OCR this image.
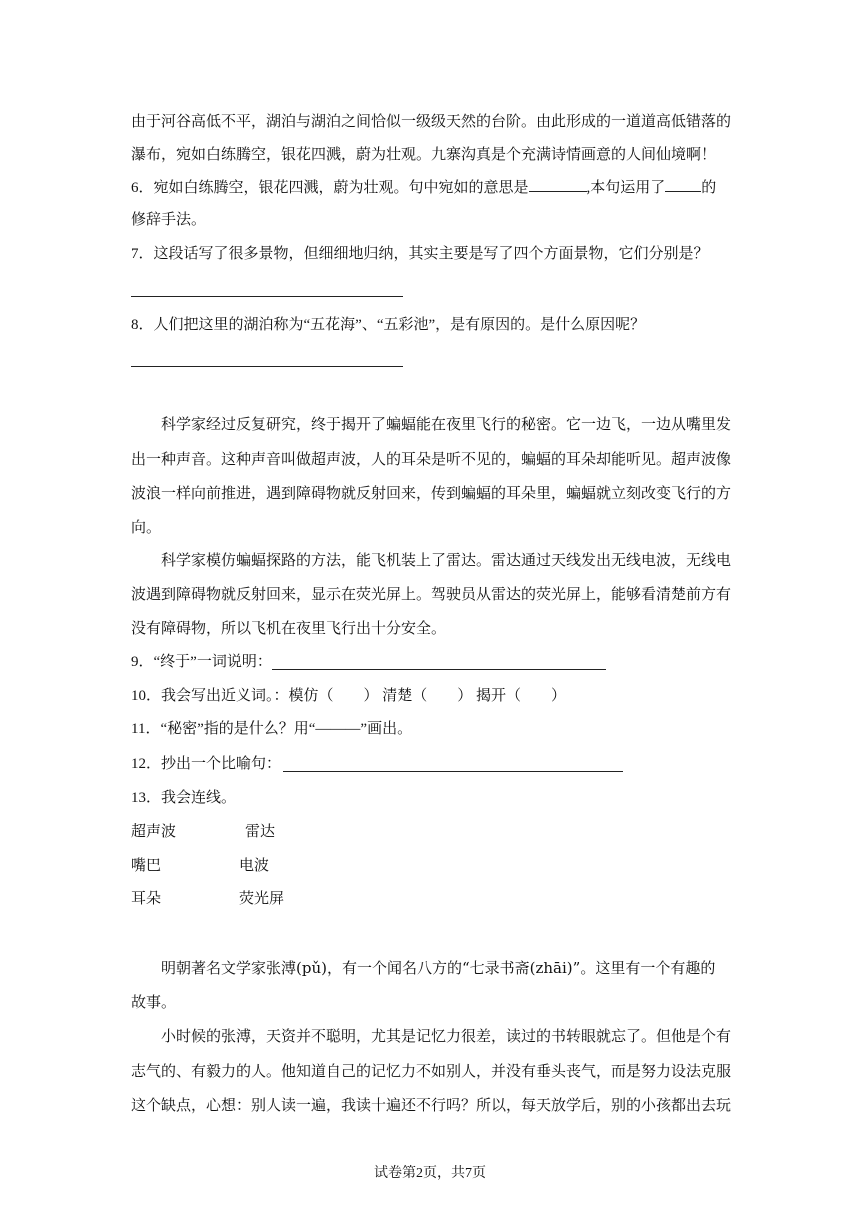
由于河谷高低不平，湖泊与湖泊之间恰似一级级天然的台阶。由此形成的一道道高低错落的
瀑布，宛如白练腾空，银花四溅，蔚为壮观。九寨沟真是个充满诗情画意的人间仙境啊！
6．宛如白练腾空，银花四溅，蔚为壮观。句中宛如的意思是	,本句运用了 的
修辞手法。
7．这段话写了很多景物，但细细地归纳，其实主要是写了四个方面景物，它们分别是？
8．人们把这里的湖泊称为“五花海”、“五彩池”，是有原因的。是什么原因呢？
科学家经过反复研究，终于揭开了蝙蝠能在夜里飞行的秘密。它一边飞，一边从嘴里发
出一种声音。这种声音叫做超声波，人的耳朵是听不见的，蝙蝠的耳朵却能听见。超声波像
波浪一样向前推进，遇到障碍物就反射回来，传到蝙蝠的耳朵里，蝙蝠就立刻改变飞行的方
向。
科学家模仿蝙蝠探路的方法，能飞机装上了雷达。雷达通过天线发出无线电波，无线电
波遇到障碍物就反射回来，显示在荧光屏上。驾驶员从雷达的荧光屏上，能够看清楚前方有
没有障碍物，所以飞机在夜里飞行出十分安全。
9．“终于”一词说明：
10．我会写出近义词。：模仿（　　） 清楚（　　） 揭开（　　）
11．“秘密”指的是什么？用“———”画出。
12．抄出一个比喻句：
13．我会连线。
超声波	雷达
嘴巴	电波
耳朵	荧光屏
明朝著名文学家张溥(pǔ)，有一个闻名八方的“七录书斋(zhāi)”。这里有一个有趣的
故事。
小时候的张溥，天资并不聪明，尤其是记忆力很差，读过的书转眼就忘了。但他是个有
志气的、有毅力的人。他知道自己的记忆力不如别人，并没有垂头丧气，而是努力设法克服
这个缺点，心想：别人读一遍，我读十遍还不行吗？所以，每天放学后，别的小孩都出去玩
试卷第2页，共7页
